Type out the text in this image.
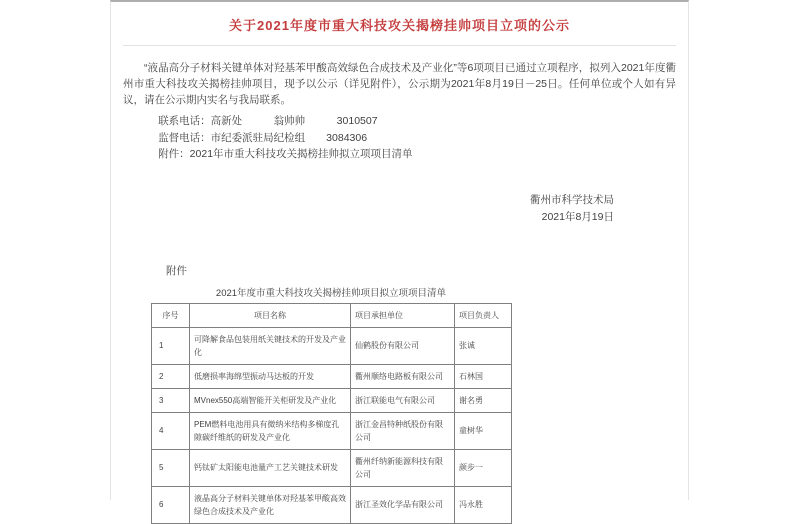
关于2021年度市重大科技攻关揭榜挂帅项目立项的公示

“液晶高分子材料关键单体对羟基苯甲酸高效绿色合成技术及产业化”等6项项目已通过立项程序，拟列入2021年度衢州市重大科技攻关揭榜挂帅项目，现予以公示（详见附件），公示期为2021年8月19日－25日。任何单位或个人如有异议，请在公示期内实名与我局联系。

联系电话：高新处　　　翁帅帅　　　3010507
监督电话：市纪委派驻局纪检组　　3084306
附件：2021年市重大科技攻关揭榜挂帅拟立项项目清单
衢州市科学技术局
2021年8月19日
附件
2021年度市重大科技攻关揭榜挂帅项目拟立项项目清单
序号	项目名称	项目承担单位	项目负责人
1	可降解食品包装用纸关键技术的开发及产业化	仙鹤股份有限公司	张诚
2	低磨损率海绵型振动马达板的开发	衢州顺络电路板有限公司	石林国
3	MVnex550高端智能开关柜研发及产业化	浙江联能电气有限公司	谢名勇
4	PEM燃料电池用具有微纳米结构多梯度孔隙碳纤维纸的研发及产业化	浙江金昌特种纸股份有限公司	童树华
5	钙钛矿太阳能电池量产工艺关键技术研发	衢州纤纳新能源科技有限公司	颜步一
6	液晶高分子材料关键单体对羟基苯甲酸高效绿色合成技术及产业化	浙江圣效化学品有限公司	冯永胜
